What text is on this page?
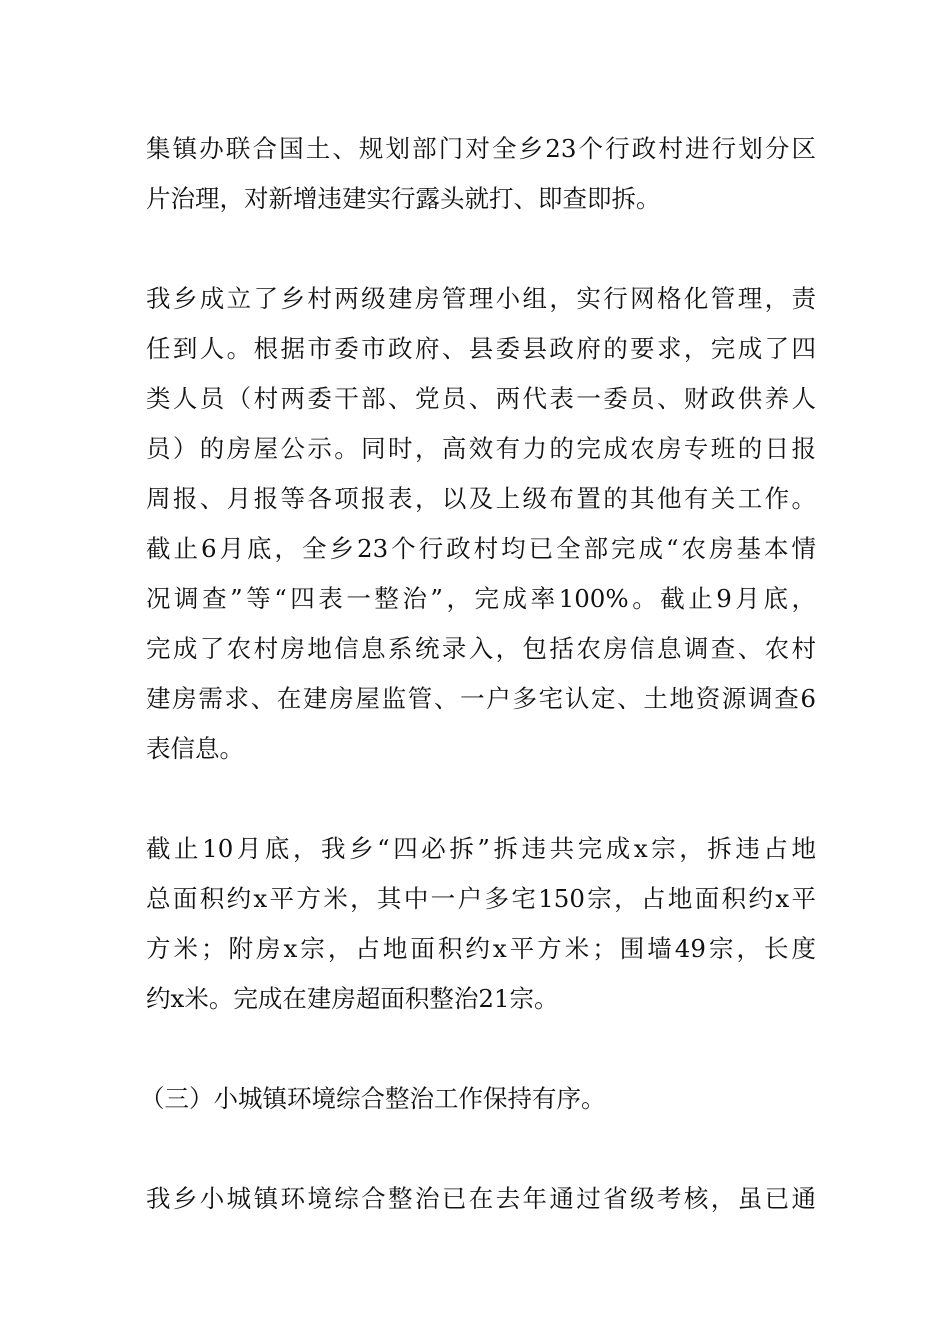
集镇办联合国土、规划部门对全乡23个行政村进行划分区
片治理，对新增违建实行露头就打、即查即拆。
我乡成立了乡村两级建房管理小组，实行网格化管理，责
任到人。根据市委市政府、县委县政府的要求，完成了四
类人员（村两委干部、党员、两代表一委员、财政供养人
员）的房屋公示。同时，高效有力的完成农房专班的日报
周报、月报等各项报表，以及上级布置的其他有关工作。
截止6月底，全乡23个行政村均已全部完成“农房基本情
况调查”等“四表一整治”，完成率100%。截止9月底，
完成了农村房地信息系统录入，包括农房信息调查、农村
建房需求、在建房屋监管、一户多宅认定、土地资源调查6
表信息。
截止10月底，我乡“四必拆”拆违共完成x宗，拆违占地
总面积约x平方米，其中一户多宅150宗，占地面积约x平
方米；附房x宗，占地面积约x平方米；围墙49宗，长度
约x米。完成在建房超面积整治21宗。
（三）小城镇环境综合整治工作保持有序。
我乡小城镇环境综合整治已在去年通过省级考核，虽已通
